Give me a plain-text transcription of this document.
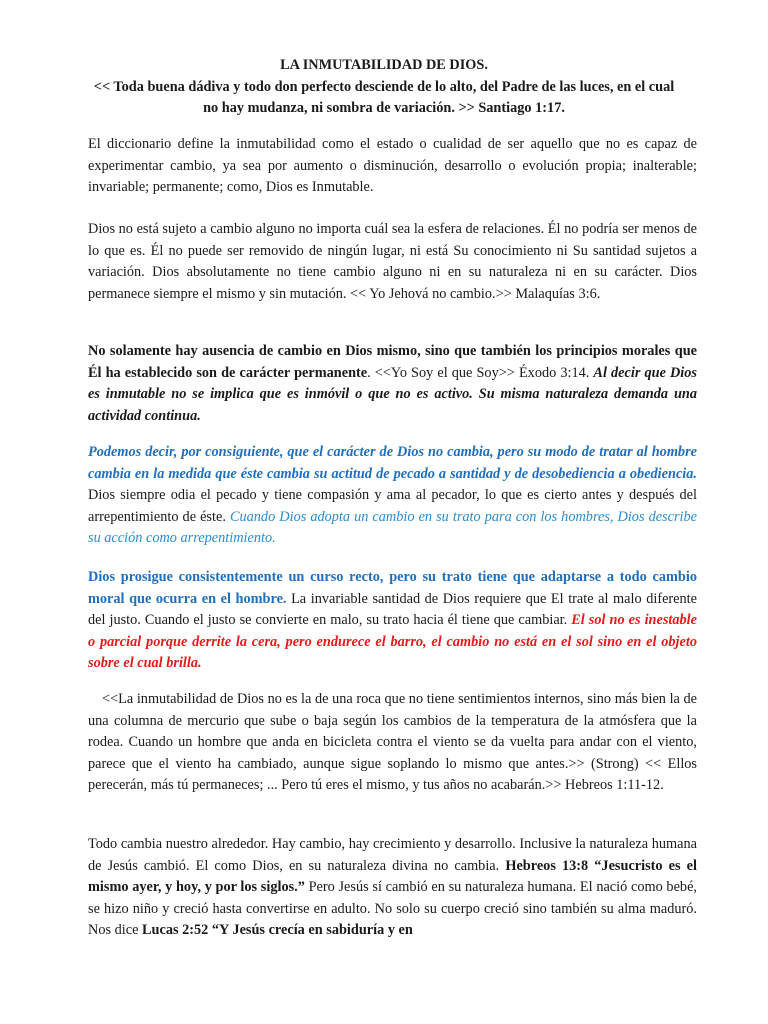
LA INMUTABILIDAD DE DIOS.
<< Toda buena dádiva y todo don perfecto desciende de lo alto, del Padre de las luces, en el cual no hay mudanza, ni sombra de variación. >> Santiago 1:17.
El diccionario define la inmutabilidad como el estado o cualidad de ser aquello que no es capaz de experimentar cambio, ya sea por aumento o disminución, desarrollo o evolución propia; inalterable; invariable; permanente; como, Dios es Inmutable.
Dios no está sujeto a cambio alguno no importa cuál sea la esfera de relaciones. Él no podría ser menos de lo que es. Él no puede ser removido de ningún lugar, ni está Su conocimiento ni Su santidad sujetos a variación. Dios absolutamente no tiene cambio alguno ni en su naturaleza ni en su carácter. Dios permanece siempre el mismo y sin mutación. << Yo Jehová no cambio.>> Malaquías 3:6.
No solamente hay ausencia de cambio en Dios mismo, sino que también los principios morales que Él ha establecido son de carácter permanente. <<Yo Soy el que Soy>> Éxodo 3:14. Al decir que Dios es inmutable no se implica que es inmóvil o que no es activo. Su misma naturaleza demanda una actividad continua.
Podemos decir, por consiguiente, que el carácter de Dios no cambia, pero su modo de tratar al hombre cambia en la medida que éste cambia su actitud de pecado a santidad y de desobediencia a obediencia. Dios siempre odia el pecado y tiene compasión y ama al pecador, lo que es cierto antes y después del arrepentimiento de éste. Cuando Dios adopta un cambio en su trato para con los hombres, Dios describe su acción como arrepentimiento.
Dios prosigue consistentemente un curso recto, pero su trato tiene que adaptarse a todo cambio moral que ocurra en el hombre. La invariable santidad de Dios requiere que El trate al malo diferente del justo. Cuando el justo se convierte en malo, su trato hacia él tiene que cambiar. El sol no es inestable o parcial porque derrite la cera, pero endurece el barro, el cambio no está en el sol sino en el objeto sobre el cual brilla.
<<La inmutabilidad de Dios no es la de una roca que no tiene sentimientos internos, sino más bien la de una columna de mercurio que sube o baja según los cambios de la temperatura de la atmósfera que la rodea. Cuando un hombre que anda en bicicleta contra el viento se da vuelta para andar con el viento, parece que el viento ha cambiado, aunque sigue soplando lo mismo que antes.>> (Strong) << Ellos perecerán, más tú permaneces; ... Pero tú eres el mismo, y tus años no acabarán.>> Hebreos 1:11-12.
Todo cambia nuestro alrededor. Hay cambio, hay crecimiento y desarrollo. Inclusive la naturaleza humana de Jesús cambió. El como Dios, en su naturaleza divina no cambia. Hebreos 13:8 “Jesucristo es el mismo ayer, y hoy, y por los siglos.” Pero Jesús sí cambió en su naturaleza humana. El nació como bebé, se hizo niño y creció hasta convertirse en adulto. No solo su cuerpo creció sino también su alma maduró. Nos dice Lucas 2:52 “Y Jesús crecía en sabiduría y en
